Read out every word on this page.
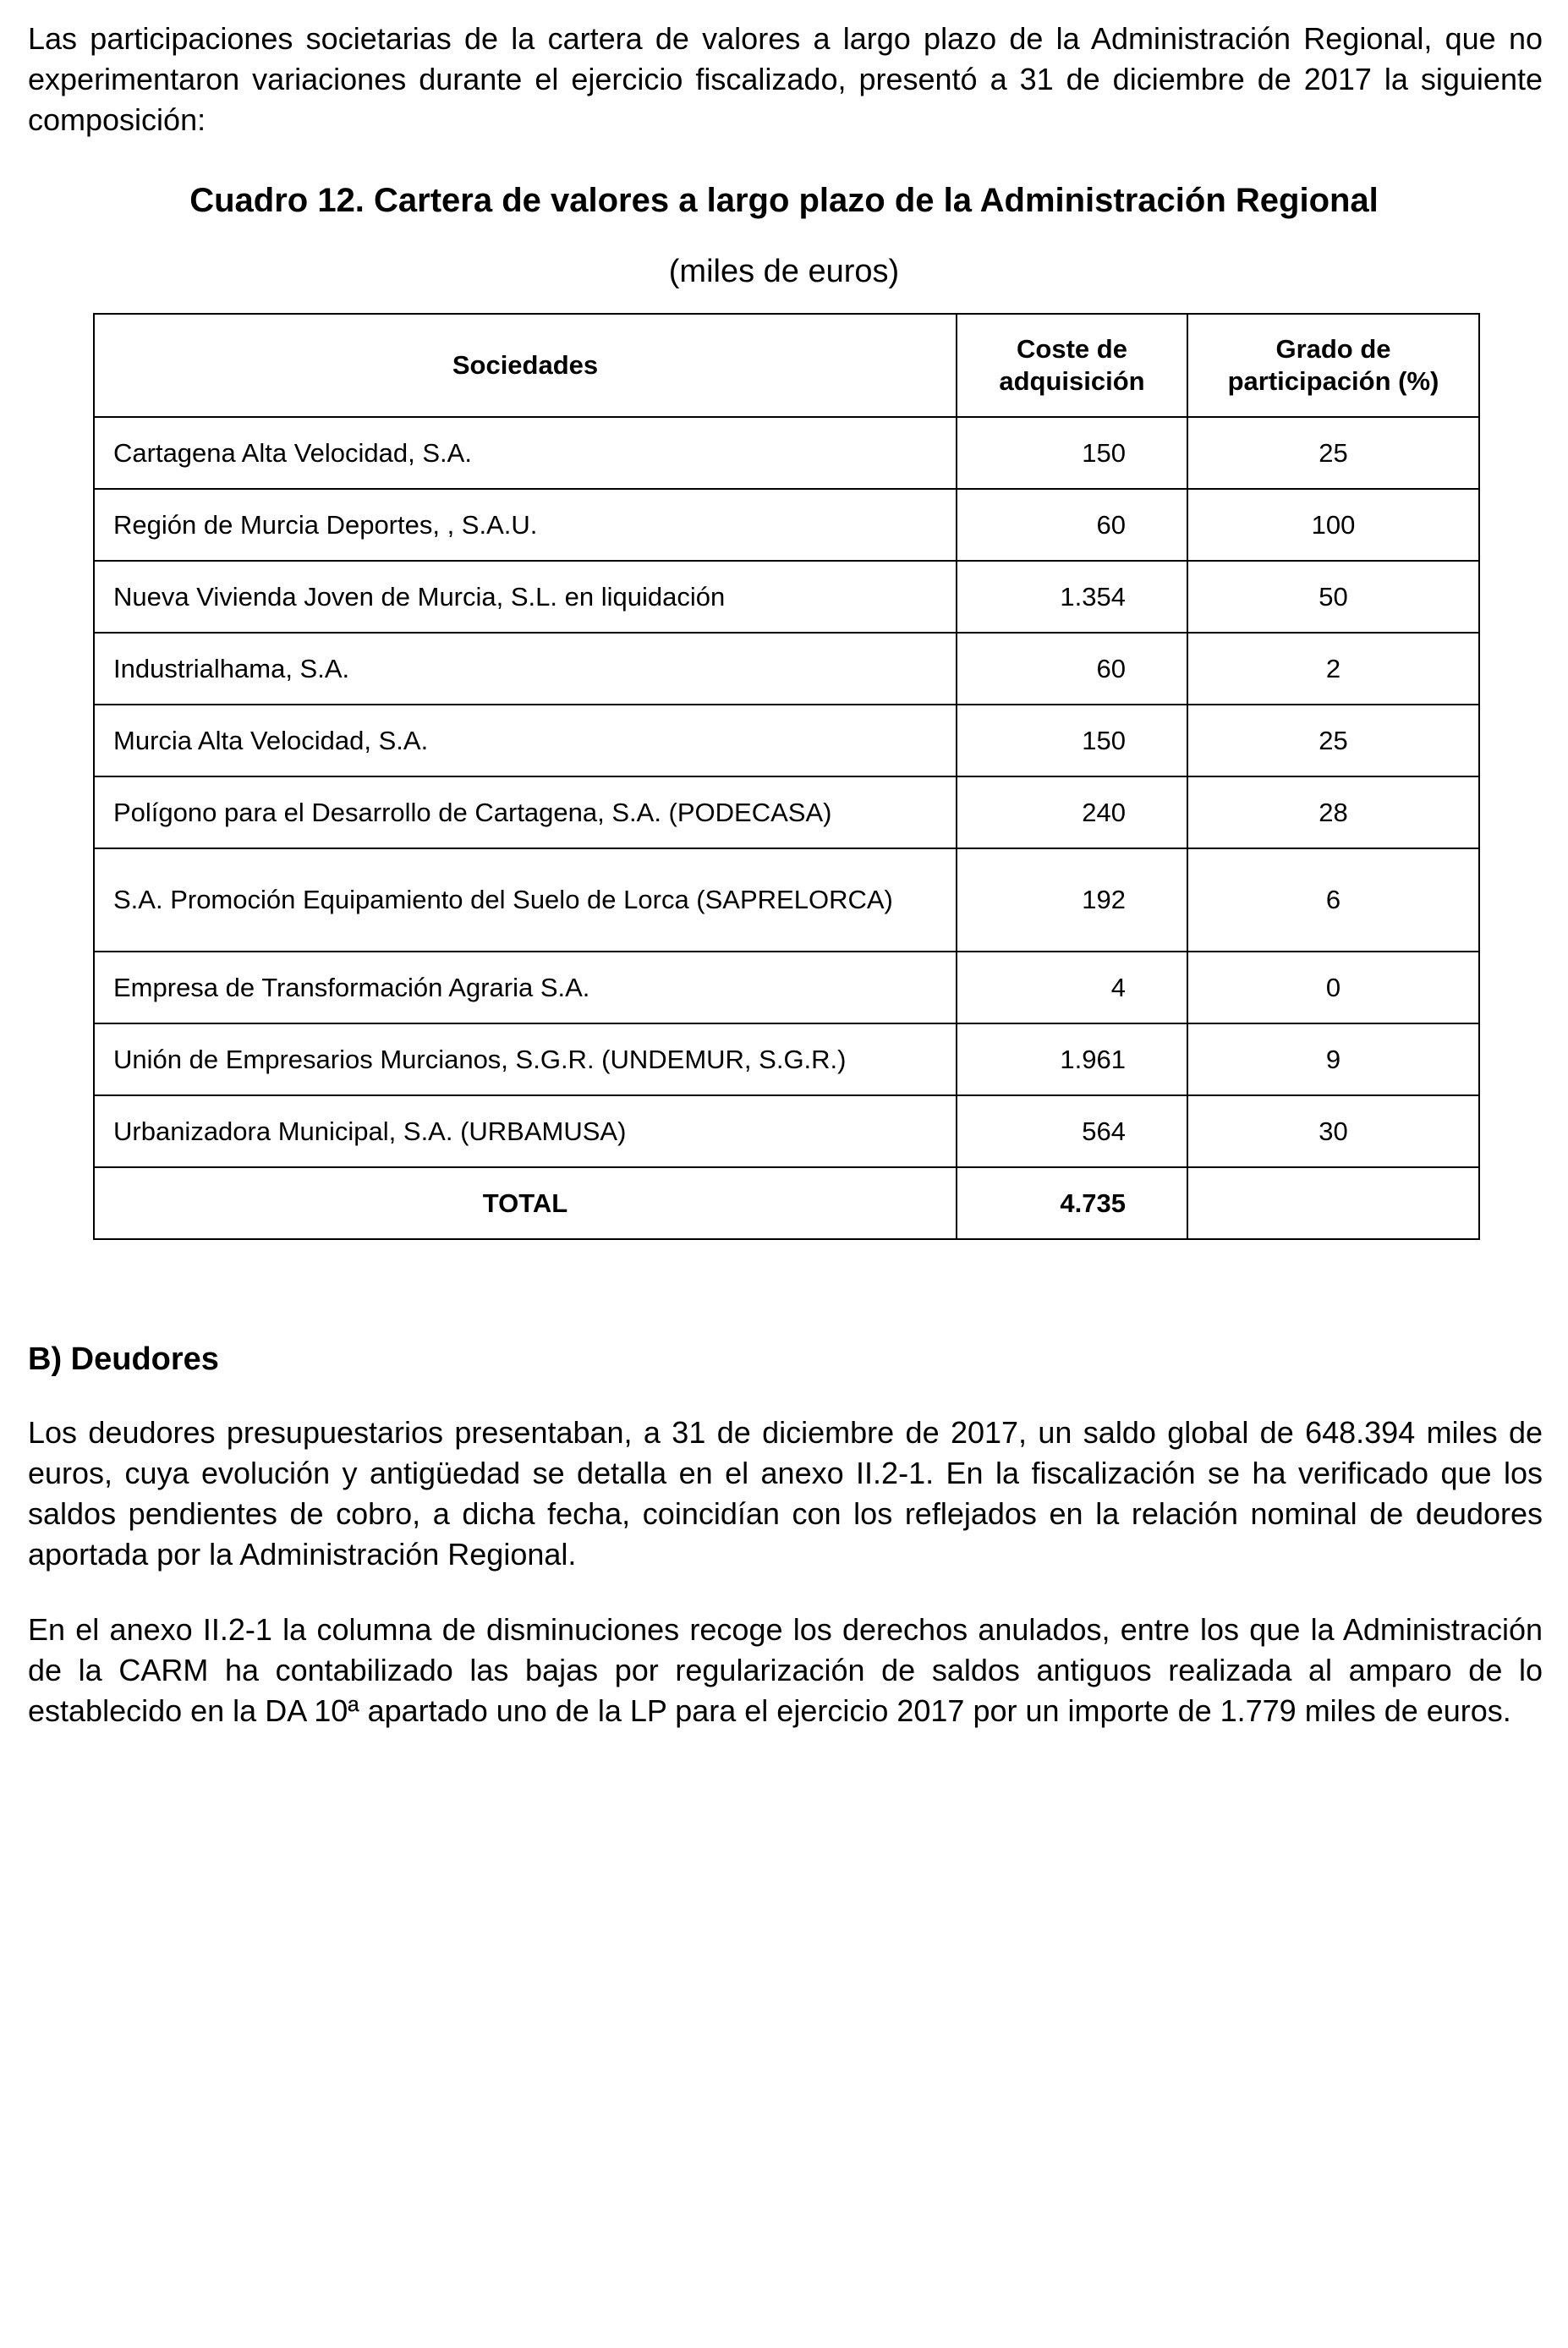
Las participaciones societarias de la cartera de valores a largo plazo de la Administración Regional, que no experimentaron variaciones durante el ejercicio fiscalizado, presentó a 31 de diciembre de 2017 la siguiente composición:

Cuadro 12. Cartera de valores a largo plazo de la Administración Regional

(miles de euros)

Sociedades	Coste de adquisición	Grado de participación (%)
Cartagena Alta Velocidad, S.A.	150	25
Región de Murcia Deportes, , S.A.U.	60	100
Nueva Vivienda Joven de Murcia, S.L. en liquidación	1.354	50
Industrialhama, S.A.	60	2
Murcia Alta Velocidad, S.A.	150	25
Polígono para el Desarrollo de Cartagena, S.A. (PODECASA)	240	28
S.A. Promoción Equipamiento del Suelo de Lorca (SAPRELORCA)	192	6
Empresa de Transformación Agraria S.A.	4	0
Unión de Empresarios Murcianos, S.G.R. (UNDEMUR, S.G.R.)	1.961	9
Urbanizadora Municipal, S.A. (URBAMUSA)	564	30
TOTAL	4.735	
B) Deudores

Los deudores presupuestarios presentaban, a 31 de diciembre de 2017, un saldo global de 648.394 miles de euros, cuya evolución y antigüedad se detalla en el anexo II.2-1. En la fiscalización se ha verificado que los saldos pendientes de cobro, a dicha fecha, coincidían con los reflejados en la relación nominal de deudores aportada por la Administración Regional.

En el anexo II.2-1 la columna de disminuciones recoge los derechos anulados, entre los que la Administración de la CARM ha contabilizado las bajas por regularización de saldos antiguos realizada al amparo de lo establecido en la DA 10ª apartado uno de la LP para el ejercicio 2017 por un importe de 1.779 miles de euros.
